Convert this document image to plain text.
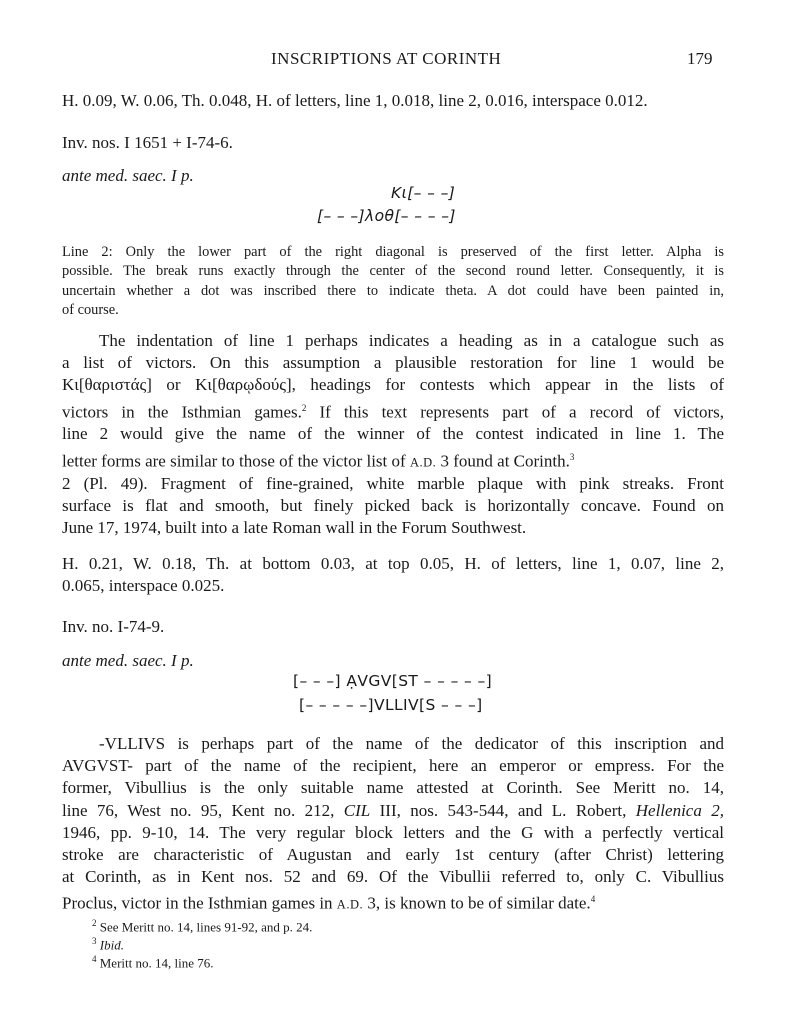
INSCRIPTIONS AT CORINTH	179
H. 0.09, W. 0.06, Th. 0.048, H. of letters, line 1, 0.018, line 2, 0.016, interspace 0.012.
Inv. nos. I 1651 + I-74-6.
ante med. saec. I p.
Kι[– – –]
[– – –]λοθ[– – – –]
Line 2: Only the lower part of the right diagonal is preserved of the first letter. Alpha is
possible. The break runs exactly through the center of the second round letter. Consequently, it is
uncertain whether a dot was inscribed there to indicate theta. A dot could have been painted in,
of course.
The indentation of line 1 perhaps indicates a heading as in a catalogue such as
a list of victors. On this assumption a plausible restoration for line 1 would be
Kι[θαριστάς] or Kι[θαρῳδούς], headings for contests which appear in the lists of
victors in the Isthmian games.$^2$ If this text represents part of a record of victors,
line 2 would give the name of the winner of the contest indicated in line 1. The
letter forms are similar to those of the victor list of A.D. 3 found at Corinth.$^3$
2 (Pl. 49). Fragment of fine-grained, white marble plaque with pink streaks. Front
surface is flat and smooth, but finely picked back is horizontally concave. Found on
June 17, 1974, built into a late Roman wall in the Forum Southwest.
H. 0.21, W. 0.18, Th. at bottom 0.03, at top 0.05, H. of letters, line 1, 0.07, line 2,
0.065, interspace 0.025.
Inv. no. I-74-9.
ante med. saec. I p.
[– – –] ẠVGV[ST – – – – –]
[– – – – –]VLLIV[S – – –]
-VLLIVS is perhaps part of the name of the dedicator of this inscription and
AVGVST- part of the name of the recipient, here an emperor or empress. For the
former, Vibullius is the only suitable name attested at Corinth. See Meritt no. 14,
line 76, West no. 95, Kent no. 212, CIL III, nos. 543-544, and L. Robert, Hellenica 2,
1946, pp. 9-10, 14. The very regular block letters and the G with a perfectly vertical
stroke are characteristic of Augustan and early 1st century (after Christ) lettering
at Corinth, as in Kent nos. 52 and 69. Of the Vibullii referred to, only C. Vibullius
Proclus, victor in the Isthmian games in A.D. 3, is known to be of similar date.$^4$
$^2$ See Meritt no. 14, lines 91-92, and p. 24.
$^3$ Ibid.
$^4$ Meritt no. 14, line 76.
